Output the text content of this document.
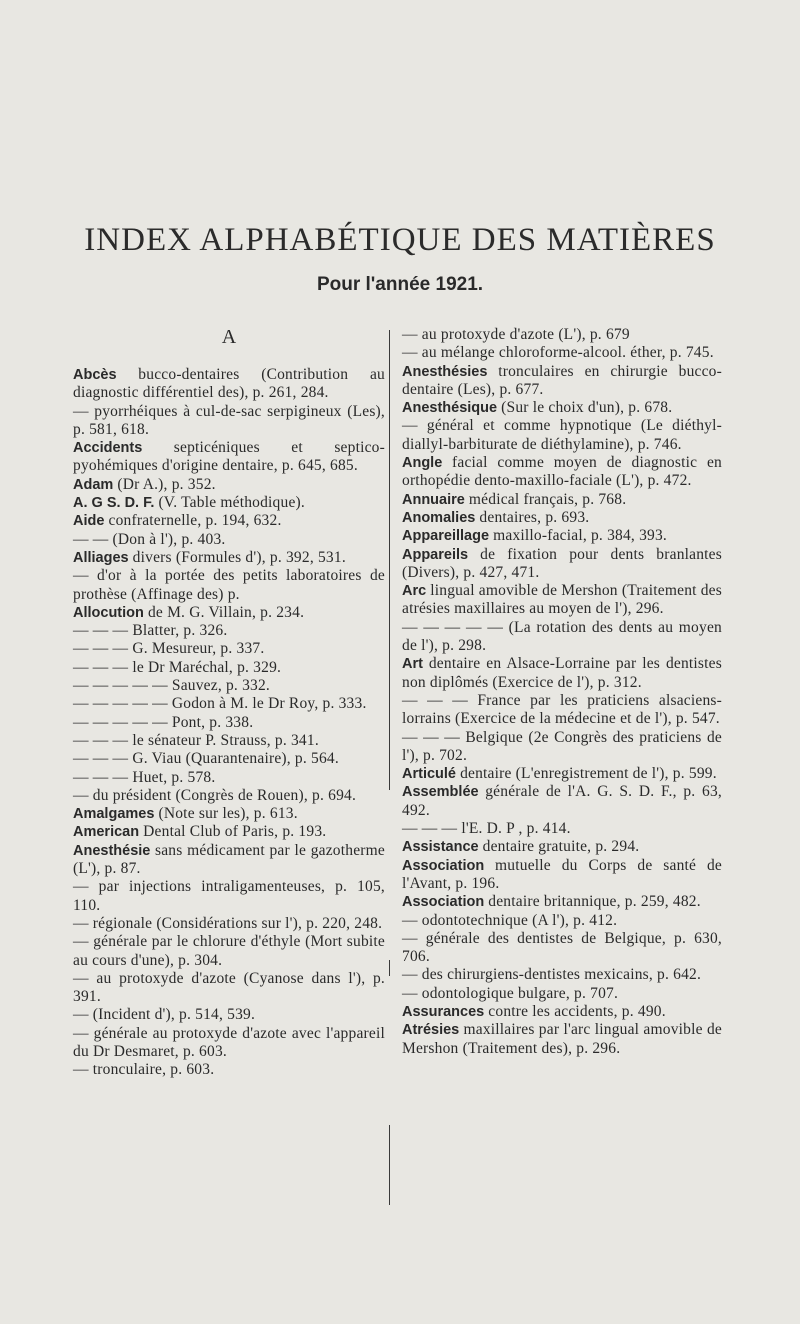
INDEX ALPHABÉTIQUE DES MATIÈRES
Pour l'année 1921.
A

Abcès bucco-dentaires (Contribution au diagnostic différentiel des), p. 261, 284.

— pyorrhéiques à cul-de-sac serpigineux (Les), p. 581, 618.

Accidents septicéniques et septico-pyohémiques d'origine dentaire, p. 645, 685.

Adam (Dr A.), p. 352.

A. G S. D. F. (V. Table méthodique).

Aide confraternelle, p. 194, 632.

— — (Don à l'), p. 403.

Alliages divers (Formules d'), p. 392, 531.

— d'or à la portée des petits laboratoires de prothèse (Affinage des) p.

Allocution de M. G. Villain, p. 234.

— — — Blatter, p. 326.

— — — G. Mesureur, p. 337.

— — — le Dr Maréchal, p. 329.

— — — — — Sauvez, p. 332.

— — — — — Godon à M. le Dr Roy, p. 333.

— — — — — Pont, p. 338.

— — — le sénateur P. Strauss, p. 341.

— — — G. Viau (Quarantenaire), p. 564.

— — — Huet, p. 578.

— du président (Congrès de Rouen), p. 694.

Amalgames (Note sur les), p. 613.

American Dental Club of Paris, p. 193.

Anesthésie sans médicament par le gazotherme (L'), p. 87.

— par injections intraligamenteuses, p. 105, 110.

— régionale (Considérations sur l'), p. 220, 248.

— générale par le chlorure d'éthyle (Mort subite au cours d'une), p. 304.

— au protoxyde d'azote (Cyanose dans l'), p. 391.

— (Incident d'), p. 514, 539.

— générale au protoxyde d'azote avec l'appareil du Dr Desmaret, p. 603.

— tronculaire, p. 603.

— au protoxyde d'azote (L'), p. 679

— au mélange chloroforme-alcool. éther, p. 745.

Anesthésies tronculaires en chirurgie bucco-dentaire (Les), p. 677.

Anesthésique (Sur le choix d'un), p. 678.

— général et comme hypnotique (Le diéthyl-diallyl-barbiturate de diéthylamine), p. 746.

Angle facial comme moyen de diagnostic en orthopédie dento-maxillo-faciale (L'), p. 472.

Annuaire médical français, p. 768.

Anomalies dentaires, p. 693.

Appareillage maxillo-facial, p. 384, 393.

Appareils de fixation pour dents branlantes (Divers), p. 427, 471.

Arc lingual amovible de Mershon (Traitement des atrésies maxillaires au moyen de l'), 296.

— — — — — (La rotation des dents au moyen de l'), p. 298.

Art dentaire en Alsace-Lorraine par les dentistes non diplômés (Exercice de l'), p. 312.

— — — France par les praticiens alsaciens-lorrains (Exercice de la médecine et de l'), p. 547.

— — — Belgique (2e Congrès des praticiens de l'), p. 702.

Articulé dentaire (L'enregistrement de l'), p. 599.

Assemblée générale de l'A. G. S. D. F., p. 63, 492.

— — — l'E. D. P , p. 414.

Assistance dentaire gratuite, p. 294.

Association mutuelle du Corps de santé de l'Avant, p. 196.

Association dentaire britannique, p. 259, 482.

— odontotechnique (A l'), p. 412.

— générale des dentistes de Belgique, p. 630, 706.

— des chirurgiens-dentistes mexicains, p. 642.

— odontologique bulgare, p. 707.

Assurances contre les accidents, p. 490.

Atrésies maxillaires par l'arc lingual amovible de Mershon (Traitement des), p. 296.
